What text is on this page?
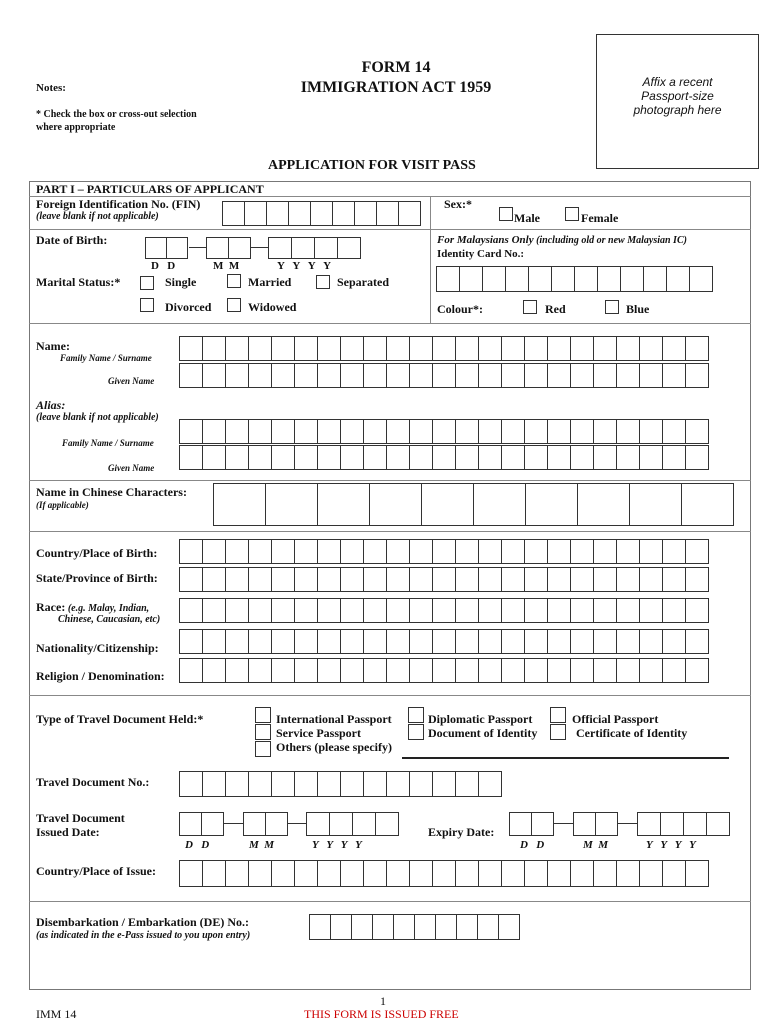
Notes:
* Check the box or cross-out selection
where appropriate
FORM 14
IMMIGRATION ACT 1959	Affix a recent
Passport-size
photograph here
APPLICATION FOR VISIT PASS
PART I – PARTICULARS OF APPLICANT
Foreign Identification No. (FIN)
(leave blank if not applicable)
Sex:*
Male	Female
Date of Birth:
D   D	M  M	Y   Y   Y   Y
For Malaysians Only (including old or new Malaysian IC)
Identity Card No.:
Marital Status:*	Single	Married	Separated
Divorced	Widowed	Colour*:	Red	Blue
Name:
Family Name / Surname
Given Name
Alias:
(leave blank if not applicable)
Family Name / Surname
Given Name
Name in Chinese Characters:
(If applicable)
Country/Place of Birth:
State/Province of Birth:
Race: (e.g. Malay, Indian,
Chinese, Caucasian, etc)
Nationality/Citizenship:
Religion / Denomination:
Type of Travel Document Held:*	International Passport	Diplomatic Passport	Official Passport
Service Passport	Document of Identity	Certificate of Identity
Others (please specify)
Travel Document No.:
Travel Document
Issued Date:
D   D	M  M	Y   Y   Y   Y
Expiry Date:
D   D	M  M	Y   Y   Y   Y
Country/Place of Issue:
Disembarkation / Embarkation (DE) No.:
(as indicated in the e-Pass issued to you upon entry)
1
IMM 14	THIS FORM IS ISSUED FREE
